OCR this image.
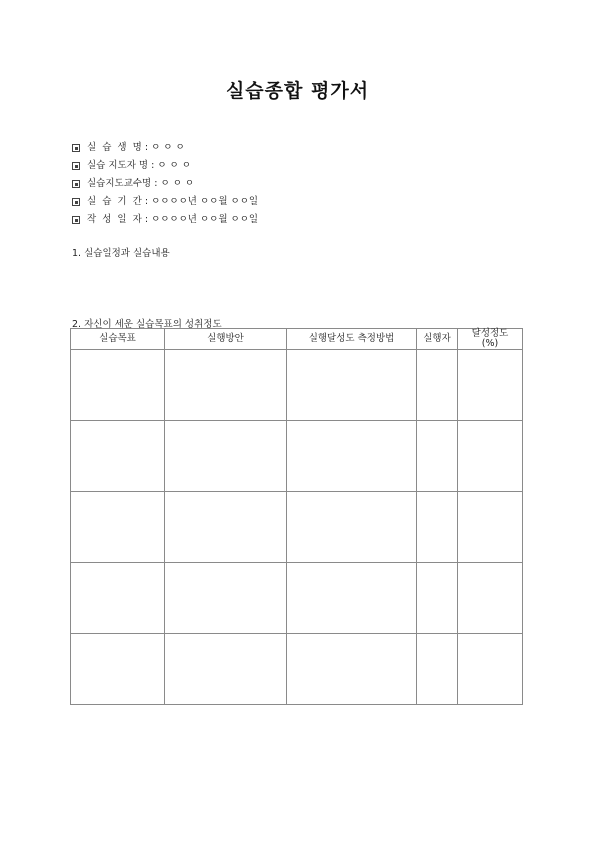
실습종합 평가서
실  습  생  명 : ㅇ ㅇ ㅇ
실습 지도자 명 : ㅇ ㅇ ㅇ
실습지도교수명 : ㅇ ㅇ ㅇ
실  습  기  간 : ㅇㅇㅇㅇ년 ㅇㅇ월 ㅇㅇ일
작  성  일  자 : ㅇㅇㅇㅇ년 ㅇㅇ월 ㅇㅇ일
1. 실습일정과 실습내용
2. 자신이 세운 실습목표의 성취정도
실습목표	실행방안	실행달성도 측정방법	실행자	달성정도
(%)
